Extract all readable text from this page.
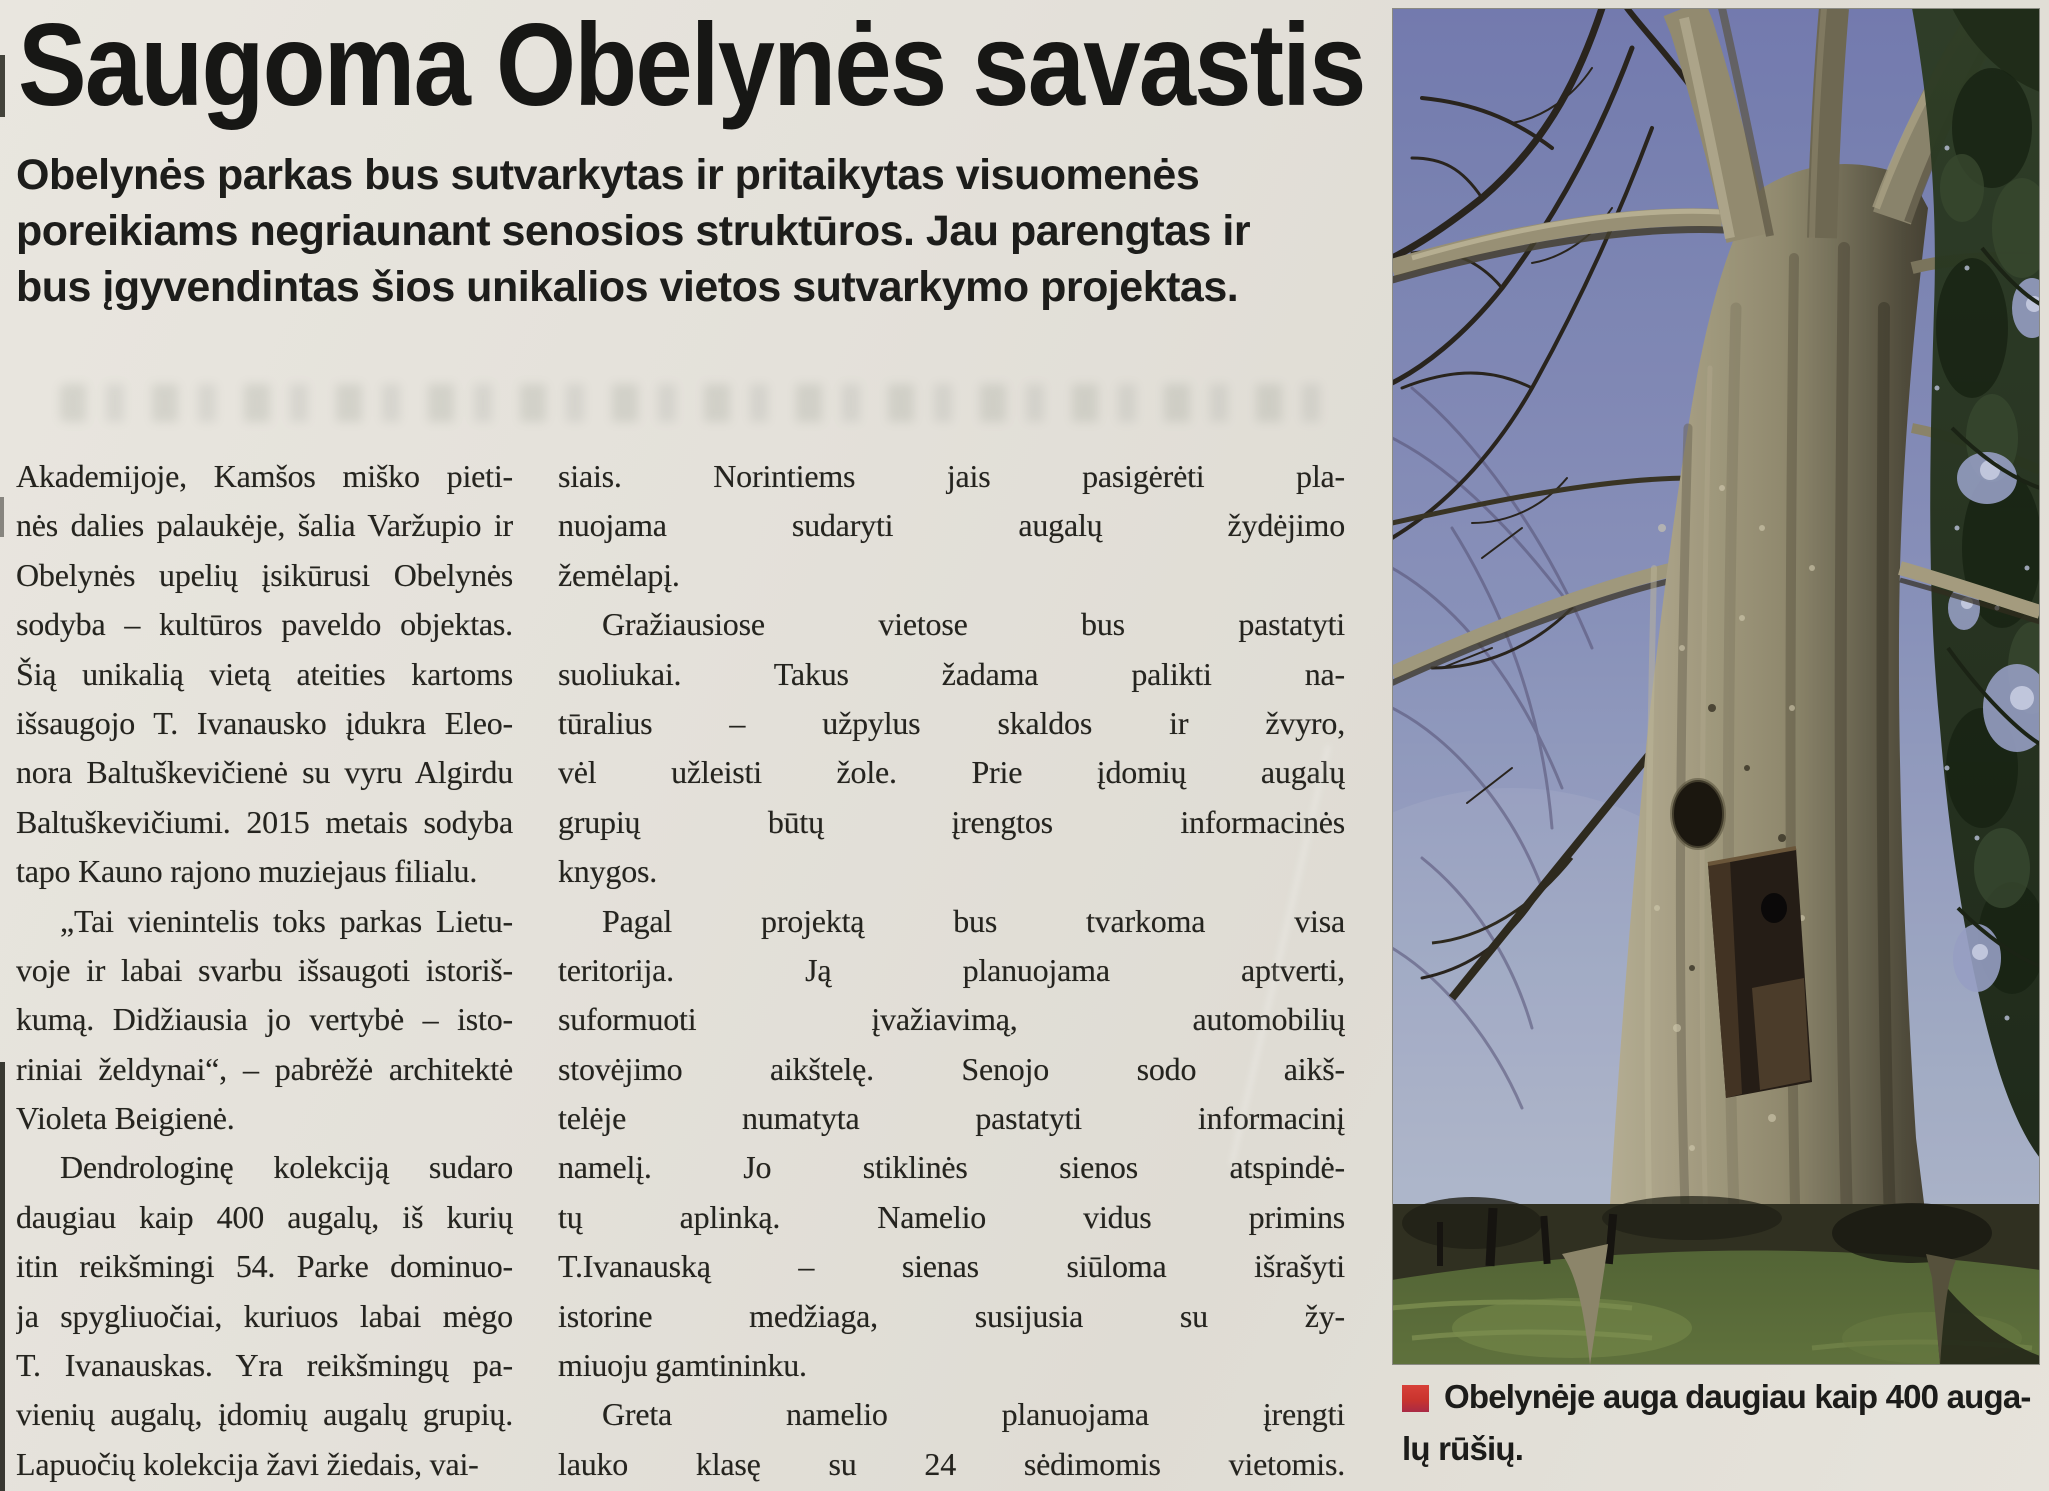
Saugoma Obelynės savastis
Obelynės parkas bus sutvarkytas ir pritaikytas visuomenės
poreikiams negriaunant senosios struktūros. Jau parengtas ir
bus įgyvendintas šios unikalios vietos sutvarkymo projektas.
Akademijoje, Kamšos miško pieti-
nės dalies palaukėje, šalia Varžupio ir
Obelynės upelių įsikūrusi Obelynės
sodyba – kultūros paveldo objektas.
Šią unikalią vietą ateities kartoms
išsaugojo T. Ivanausko įdukra Eleo-
nora Baltuškevičienė su vyru Algirdu
Baltuškevičiumi. 2015 metais sodyba
tapo Kauno rajono muziejaus filialu.
„Tai vienintelis toks parkas Lietu-
voje ir labai svarbu išsaugoti istoriš-
kumą. Didžiausia jo vertybė – isto-
riniai želdynai“, – pabrėžė architektė
Violeta Beigienė.
Dendrologinę kolekciją sudaro
daugiau kaip 400 augalų, iš kurių
itin reikšmingi 54. Parke dominuo-
ja spygliuočiai, kuriuos labai mėgo
T. Ivanauskas. Yra reikšmingų pa-
vienių augalų, įdomių augalų grupių.
Lapuočių kolekcija žavi žiedais, vai-
siais. Norintiems jais pasigėrėti pla-
nuojama sudaryti augalų žydėjimo
žemėlapį.
Gražiausiose vietose bus pastatyti
suoliukai. Takus žadama palikti na-
tūralius – užpylus skaldos ir žvyro,
vėl užleisti žole. Prie įdomių augalų
grupių būtų įrengtos informacinės
knygos.
Pagal projektą bus tvarkoma visa
teritorija. Ją planuojama aptverti,
suformuoti įvažiavimą, automobilių
stovėjimo aikštelę. Senojo sodo aikš-
telėje numatyta pastatyti informacinį
namelį. Jo stiklinės sienos atspindė-
tų aplinką. Namelio vidus primins
T.Ivanauską – sienas siūloma išrašyti
istorine medžiaga, susijusia su žy-
miuoju gamtininku.
Greta namelio planuojama įrengti
lauko klasę su 24 sėdimomis vietomis.
Obelynėje auga daugiau kaip 400 auga-
lų rūšių.
